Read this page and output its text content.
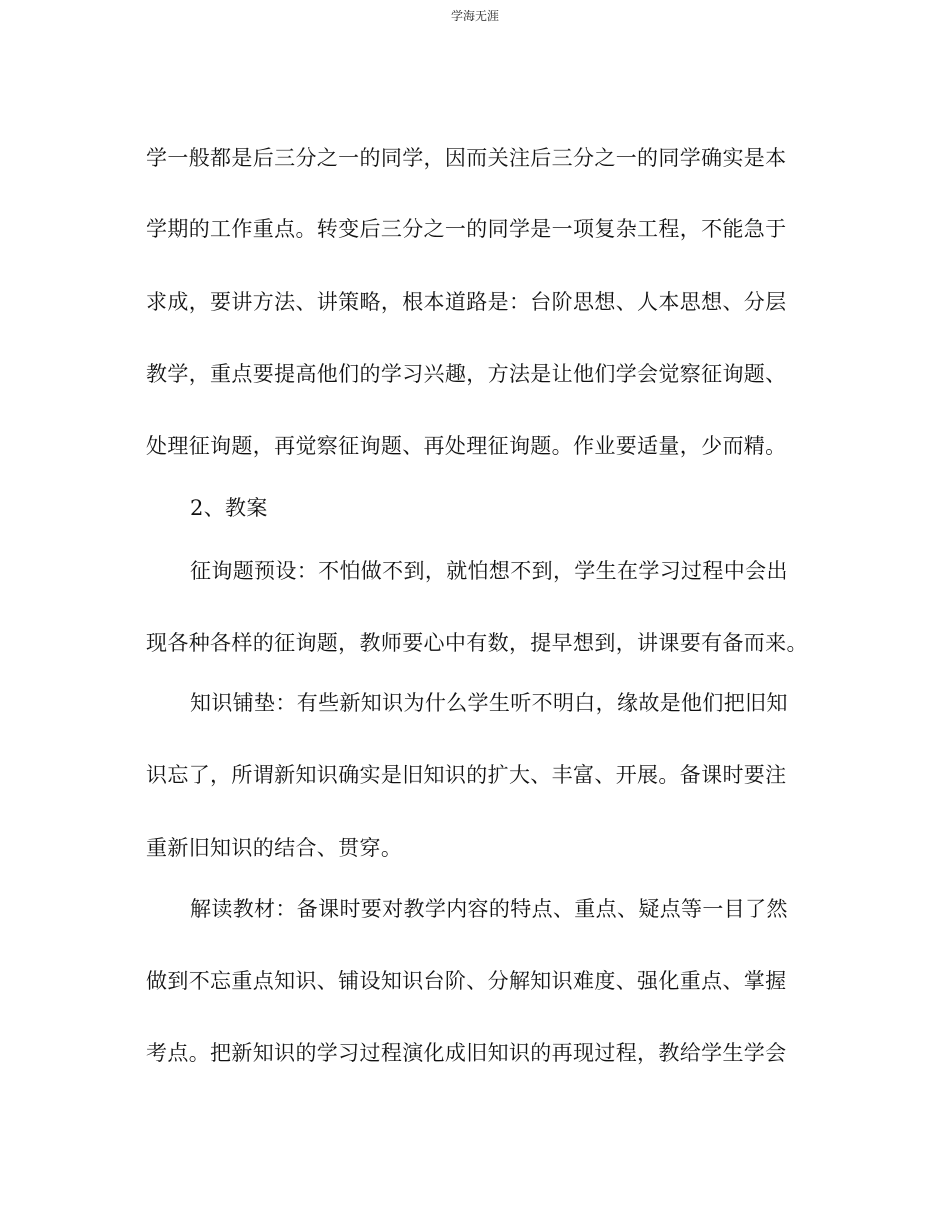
学海无涯
学一般都是后三分之一的同学，因而关注后三分之一的同学确实是本
学期的工作重点。转变后三分之一的同学是一项复杂工程，不能急于
求成，要讲方法、讲策略，根本道路是：台阶思想、人本思想、分层
教学，重点要提高他们的学习兴趣，方法是让他们学会觉察征询题、
处理征询题，再觉察征询题、再处理征询题。作业要适量，少而精。
2、教案
征询题预设：不怕做不到，就怕想不到，学生在学习过程中会出
现各种各样的征询题，教师要心中有数，提早想到，讲课要有备而来。
知识铺垫：有些新知识为什么学生听不明白，缘故是他们把旧知
识忘了，所谓新知识确实是旧知识的扩大、丰富、开展。备课时要注
重新旧知识的结合、贯穿。
解读教材：备课时要对教学内容的特点、重点、疑点等一目了然
做到不忘重点知识、铺设知识台阶、分解知识难度、强化重点、掌握
考点。把新知识的学习过程演化成旧知识的再现过程，教给学生学会
